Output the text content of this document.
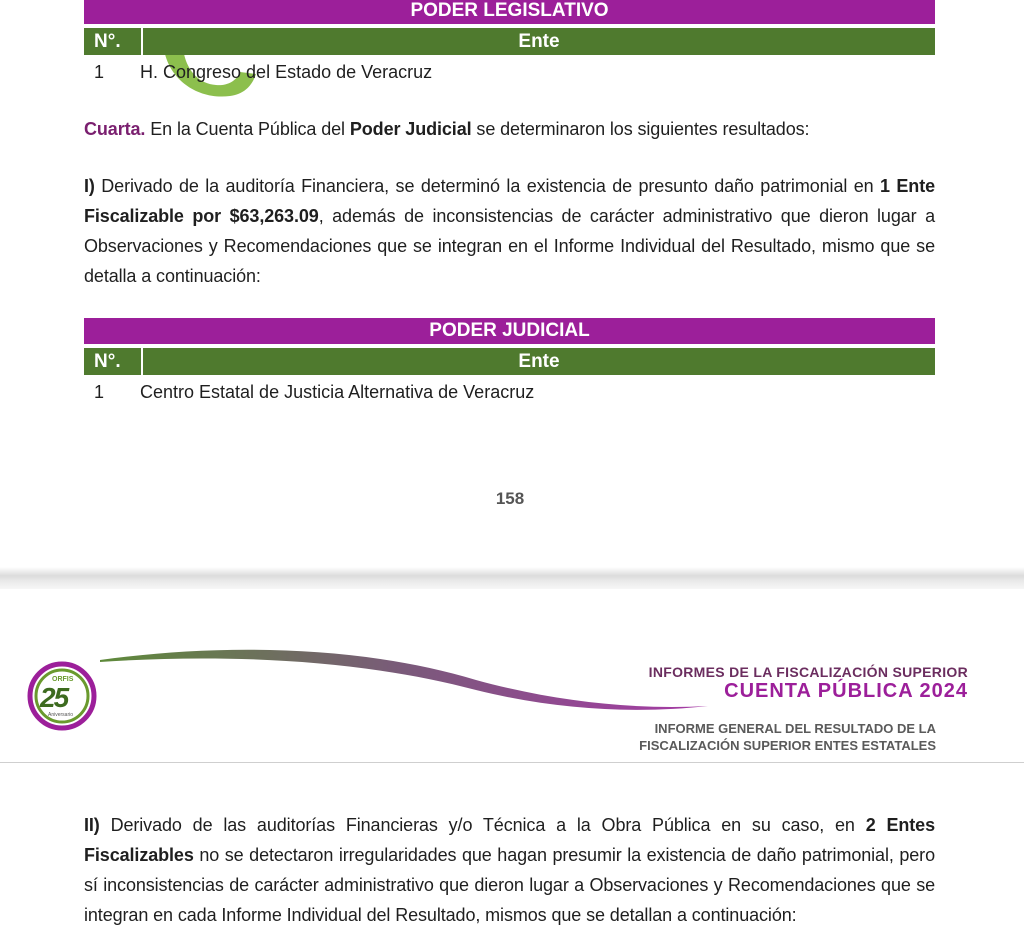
PODER LEGISLATIVO
N°.	Ente
1 H. Congreso del Estado de Veracruz
Cuarta. En la Cuenta Pública del Poder Judicial se determinaron los siguientes resultados:
I) Derivado de la auditoría Financiera, se determinó la existencia de presunto daño patrimonial en 1 Ente Fiscalizable por $63,263.09, además de inconsistencias de carácter administrativo que dieron lugar a Observaciones y Recomendaciones que se integran en el Informe Individual del Resultado, mismo que se detalla a continuación:
PODER JUDICIAL
N°.	Ente
1 Centro Estatal de Justicia Alternativa de Veracruz
158
ORFIS
25
Aniversario
INFORMES DE LA FISCALIZACIÓN SUPERIOR
CUENTA PÚBLICA 2024
INFORME GENERAL DEL RESULTADO DE LA
FISCALIZACIÓN SUPERIOR ENTES ESTATALES
II) Derivado de las auditorías Financieras y/o Técnica a la Obra Pública en su caso, en 2 Entes Fiscalizables no se detectaron irregularidades que hagan presumir la existencia de daño patrimonial, pero sí inconsistencias de carácter administrativo que dieron lugar a Observaciones y Recomendaciones que se integran en cada Informe Individual del Resultado, mismos que se detallan a continuación:
